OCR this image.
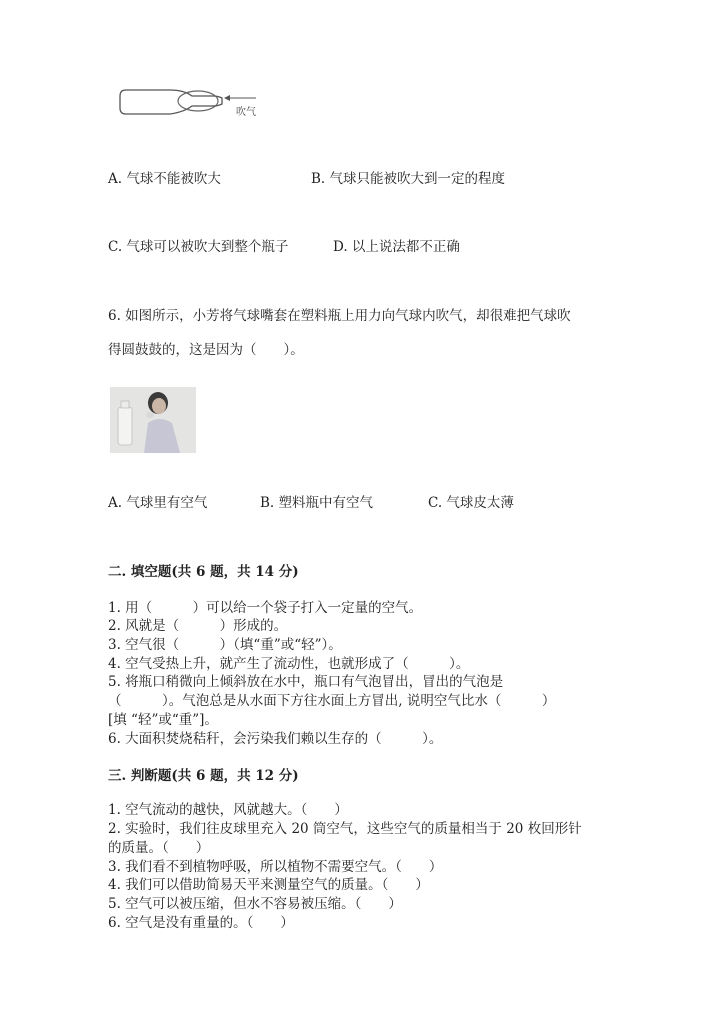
吹气
A. 气球不能被吹大	B. 气球只能被吹大到一定的程度
C. 气球可以被吹大到整个瓶子	D. 以上说法都不正确
6. 如图所示，小芳将气球嘴套在塑料瓶上用力向气球内吹气，却很难把气球吹
得圆鼓鼓的，这是因为（　　）。
A. 气球里有空气	B. 塑料瓶中有空气	C. 气球皮太薄
二. 填空题(共 6 题，共 14 分)
1. 用（　　　）可以给一个袋子打入一定量的空气。
2. 风就是（　　　）形成的。
3. 空气很（　　　）（填“重”或“轻”）。
4. 空气受热上升，就产生了流动性，也就形成了（　　　）。
5. 将瓶口稍微向上倾斜放在水中，瓶口有气泡冒出，冒出的气泡是
（　　　）。气泡总是从水面下方往水面上方冒出, 说明空气比水（　　　）
[填 “轻”或“重”]。
6. 大面积焚烧秸秆，会污染我们赖以生存的（　　　）。
三. 判断题(共 6 题，共 12 分)
1. 空气流动的越快，风就越大。（　　）
2. 实验时，我们往皮球里充入 20 筒空气，这些空气的质量相当于 20 枚回形针
的质量。（　　）
3. 我们看不到植物呼吸，所以植物不需要空气。（　　）
4. 我们可以借助简易天平来测量空气的质量。（　　）
5. 空气可以被压缩，但水不容易被压缩。（　　）
6. 空气是没有重量的。（　　）
